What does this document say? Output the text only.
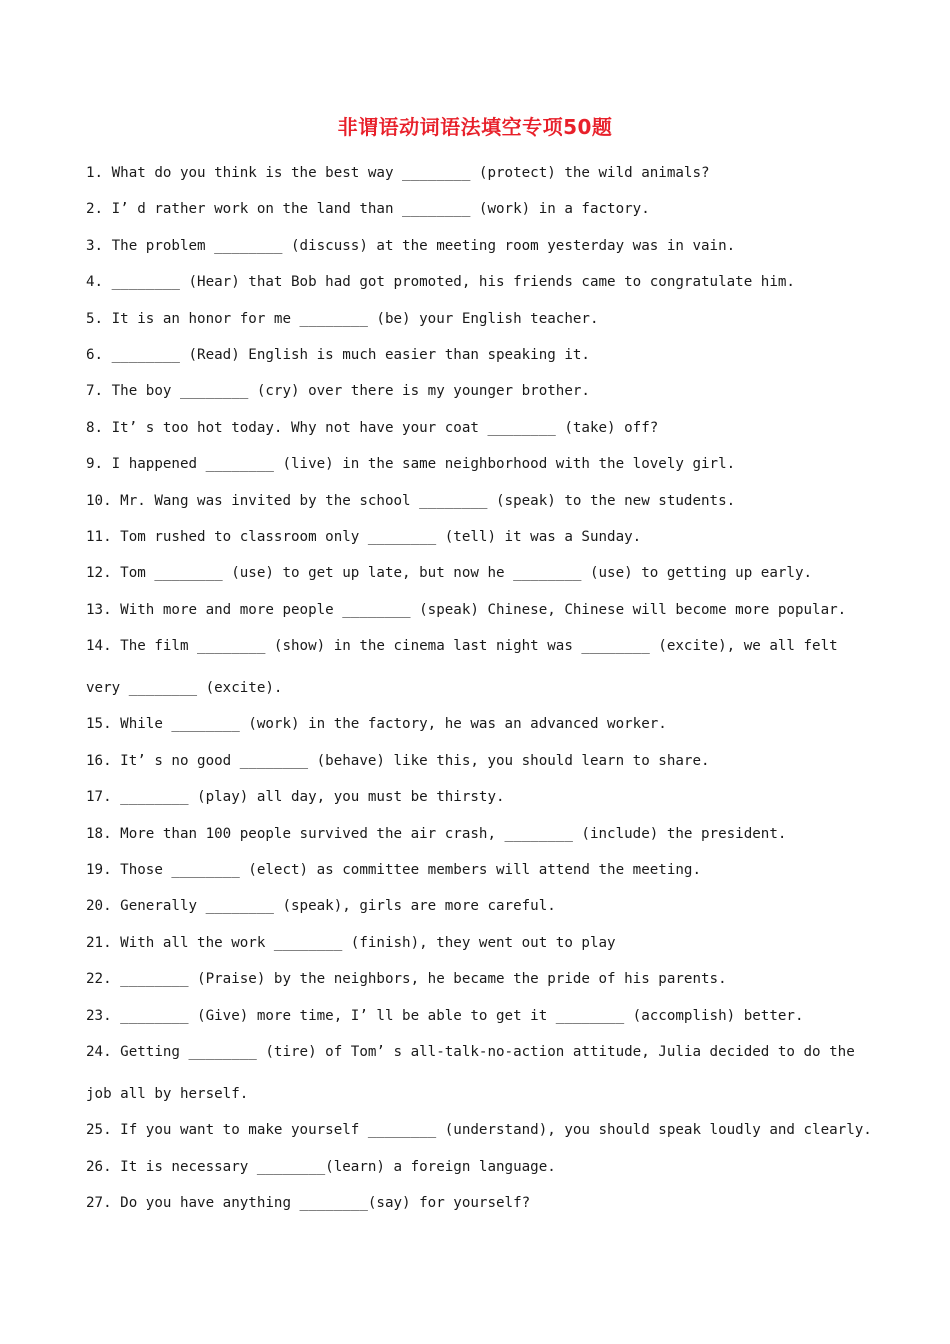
非谓语动词语法填空专项50题
1. What do you think is the best way ________ (protect) the wild animals?
2. I’ d rather work on the land than ________ (work) in a factory.
3. The problem ________ (discuss) at the meeting room yesterday was in vain.
4. ________ (Hear) that Bob had got promoted, his friends came to congratulate him.
5. It is an honor for me ________ (be) your English teacher.
6. ________ (Read) English is much easier than speaking it.
7. The boy ________ (cry) over there is my younger brother.
8. It’ s too hot today. Why not have your coat ________ (take) off?
9. I happened ________ (live) in the same neighborhood with the lovely girl.
10. Mr. Wang was invited by the school ________ (speak) to the new students.
11. Tom rushed to classroom only ________ (tell) it was a Sunday.
12. Tom ________ (use) to get up late, but now he ________ (use) to getting up early.
13. With more and more people ________ (speak) Chinese, Chinese will become more popular.
14. The film ________ (show) in the cinema last night was ________ (excite), we all felt
very ________ (excite).
15. While ________ (work) in the factory, he was an advanced worker.
16. It’ s no good ________ (behave) like this, you should learn to share.
17. ________ (play) all day, you must be thirsty.
18. More than 100 people survived the air crash, ________ (include) the president.
19. Those ________ (elect) as committee members will attend the meeting.
20. Generally ________ (speak), girls are more careful.
21. With all the work ________ (finish), they went out to play
22. ________ (Praise) by the neighbors, he became the pride of his parents.
23. ________ (Give) more time, I’ ll be able to get it ________ (accomplish) better.
24. Getting ________ (tire) of Tom’ s all-talk-no-action attitude, Julia decided to do the
job all by herself.
25. If you want to make yourself ________ (understand), you should speak loudly and clearly.
26. It is necessary ________(learn) a foreign language.
27. Do you have anything ________(say) for yourself?
